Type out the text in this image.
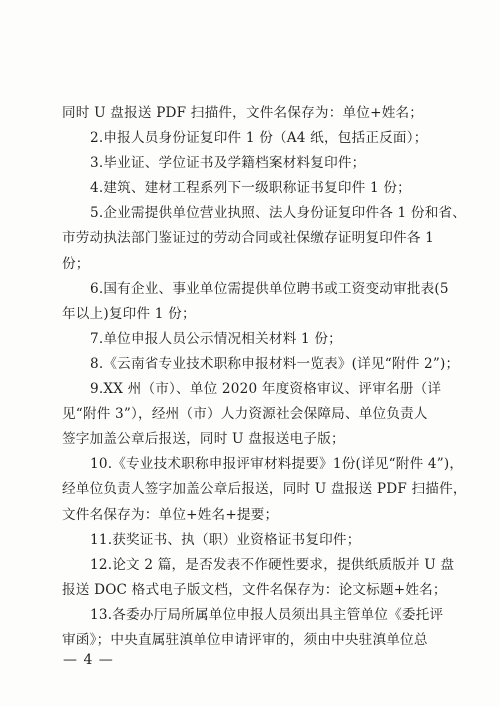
同时 U 盘报送 PDF 扫描件，文件名保存为：单位+姓名；
2.申报人员身份证复印件 1 份（A4 纸，包括正反面）；
3.毕业证、学位证书及学籍档案材料复印件；
4.建筑、建材工程系列下一级职称证书复印件 1 份；
5.企业需提供单位营业执照、法人身份证复印件各 1 份和省、
市劳动执法部门鉴证过的劳动合同或社保缴存证明复印件各 1
份；
6.国有企业、事业单位需提供单位聘书或工资变动审批表(5
年以上)复印件 1 份；
7.单位申报人员公示情况相关材料 1 份；
8.《云南省专业技术职称申报材料一览表》(详见“附件 2”)；
9.XX 州（市）、单位 2020 年度资格审议、评审名册（详
见“附件 3”），经州（市）人力资源社会保障局、单位负责人
签字加盖公章后报送，同时 U 盘报送电子版；
10.《专业技术职称申报评审材料提要》1份(详见“附件 4”)，
经单位负责人签字加盖公章后报送，同时 U 盘报送 PDF 扫描件，
文件名保存为：单位+姓名+提要；
11.获奖证书、执（职）业资格证书复印件；
12.论文 2 篇，是否发表不作硬性要求，提供纸质版并 U 盘
报送 DOC 格式电子版文档，文件名保存为：论文标题+姓名；
13.各委办厅局所属单位申报人员须出具主管单位《委托评
审函》；中央直属驻滇单位申请评审的，须由中央驻滇单位总
— 4 —
